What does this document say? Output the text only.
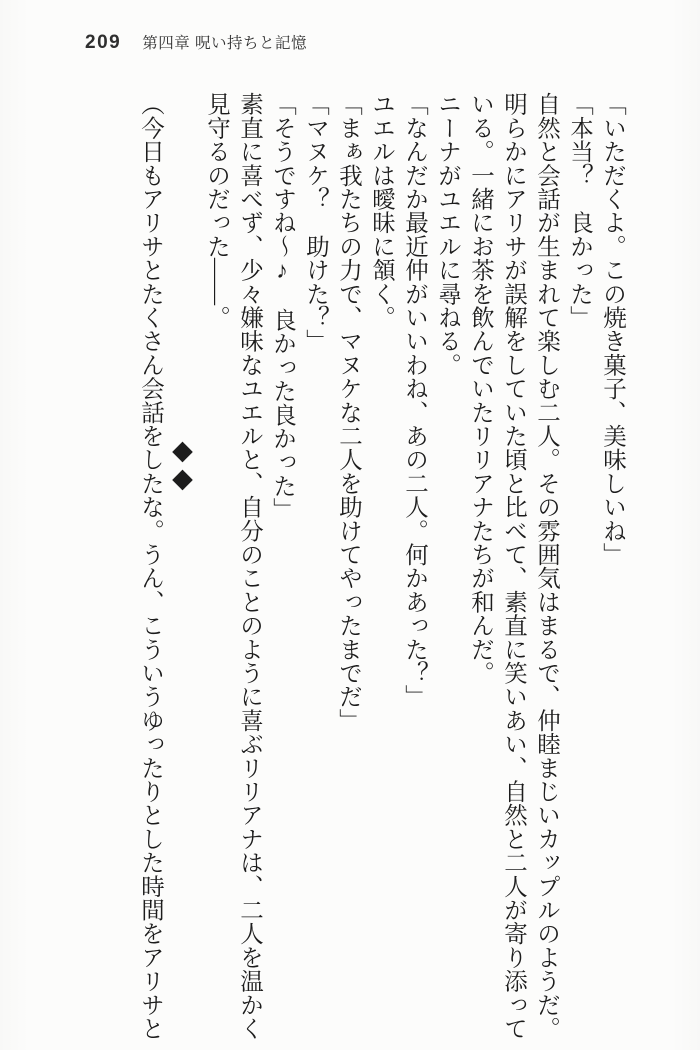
209 第四章 呪い持ちと記憶

「いただくよ。この焼き菓子、美味しいね」

「本当？　良かった」

自然と会話が生まれて楽しむ二人。その雰囲気はまるで、仲睦まじいカップルのようだ。明らかにアリサが誤解をしていた頃と比べて、素直に笑いあい、自然と二人が寄り添っている。一緒にお茶を飲んでいたリリアナたちが和んだ。

ニーナがユエルに尋ねる。

「なんだか最近仲がいいわね、あの二人。何かあった？」

ユエルは曖昧に頷く。

「まぁ我たちの力で、マヌケな二人を助けてやったまでだ」

「マヌケ？　助けた？」

「そうですね～♪　良かった良かった」

素直に喜べず、少々嫌味なユエルと、自分のことのように喜ぶリリアナは、二人を温かく見守るのだった――。

◆◆

（今日もアリサとたくさん会話をしたな。うん、こういうゆったりとした時間をアリサと
